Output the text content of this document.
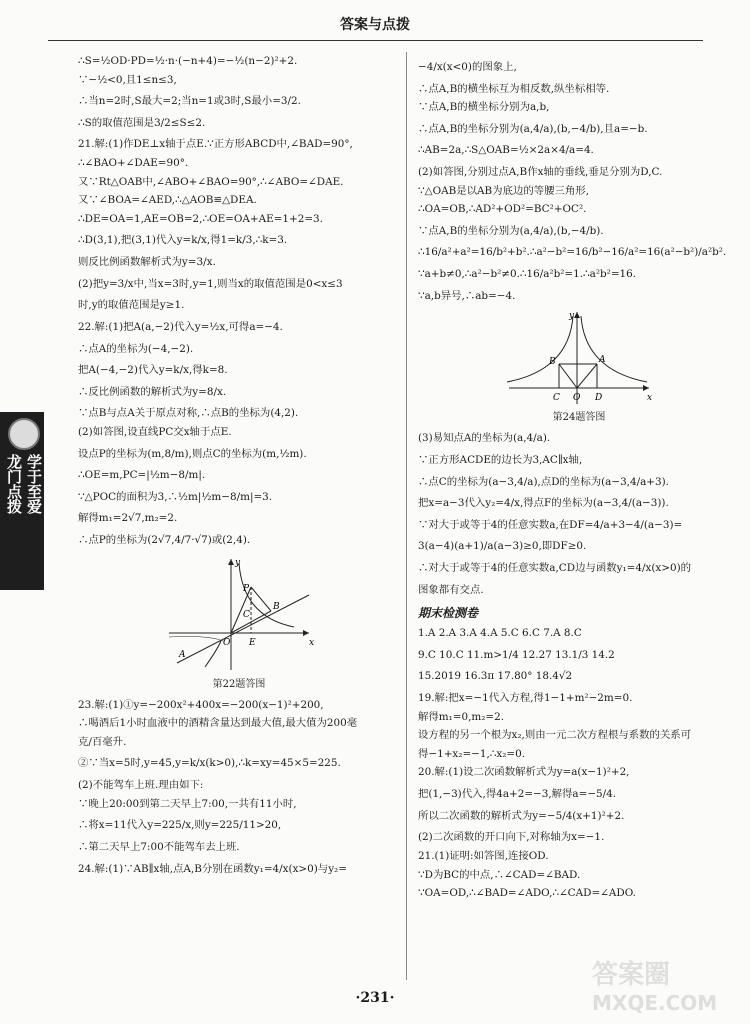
答案与点拨
龙门点拨 学于至爱
∴S=½OD·PD=½·n·(−n+4)=−½(n−2)²+2.
∵−½<0,且1≤n≤3,
∴当n=2时,S最大=2;当n=1或3时,S最小=3/2.
∴S的取值范围是3/2≤S≤2.
21.解:(1)作DE⊥x轴于点E.∵正方形ABCD中,∠BAD=90°,
∴∠BAO+∠DAE=90°.
又∵Rt△OAB中,∠ABO+∠BAO=90°,∴∠ABO=∠DAE.
又∵∠BOA=∠AED,∴△AOB≌△DEA.
∴DE=OA=1,AE=OB=2,∴OE=OA+AE=1+2=3.
∴D(3,1),把(3,1)代入y=k/x,得1=k/3,∴k=3.
则反比例函数解析式为y=3/x.
(2)把y=3/x中,当x=3时,y=1,则当x的取值范围是0<x≤3
时,y的取值范围是y≥1.
22.解:(1)把A(a,−2)代入y=½x,可得a=−4.
∴点A的坐标为(−4,−2).
把A(−4,−2)代入y=k/x,得k=8.
∴反比例函数的解析式为y=8/x.
∵点B与点A关于原点对称,∴点B的坐标为(4,2).
(2)如答图,设直线PC交x轴于点E.
设点P的坐标为(m,8/m),则点C的坐标为(m,½m).
∴OE=m,PC=|½m−8/m|.
∵△POC的面积为3,∴½m|½m−8/m|=3.
解得m₁=2√7,m₂=2.
∴点P的坐标为(2√7,4/7·√7)或(2,4).
y
P
B
C
O E	x
A
第22题答图
23.解:(1)①y=−200x²+400x=−200(x−1)²+200,
∴喝酒后1小时血液中的酒精含量达到最大值,最大值为200毫
克/百毫升.
②∵当x=5时,y=45,y=k/x(k>0),∴k=xy=45×5=225.
(2)不能驾车上班.理由如下:
∵晚上20:00到第二天早上7:00,一共有11小时,
∴将x=11代入y=225/x,则y=225/11>20,
∴第二天早上7:00不能驾车去上班.
24.解:(1)∵AB∥x轴,点A,B分别在函数y₁=4/x(x>0)与y₂=
−4/x(x<0)的图象上,
∴点A,B的横坐标互为相反数,纵坐标相等.
∵点A,B的横坐标分别为a,b,
∴点A,B的坐标分别为(a,4/a),(b,−4/b),且a=−b.
∴AB=2a,∴S△OAB=½×2a×4/a=4.
(2)如答图,分别过点A,B作x轴的垂线,垂足分别为D,C.
∵△OAB是以AB为底边的等腰三角形,
∴OA=OB,∴AD²+OD²=BC²+OC².
∵点A,B的坐标分别为(a,4/a),(b,−4/b).
∴16/a²+a²=16/b²+b².∴a²−b²=16/b²−16/a²=16(a²−b²)/a²b².
∵a+b≠0,∴a²−b²≠0.∴16/a²b²=1.∴a²b²=16.
∵a,b异号,∴ab=−4.
y
B	A
C O D	x
第24题答图
(3)易知点A的坐标为(a,4/a).
∵正方形ACDE的边长为3,AC∥x轴,
∴点C的坐标为(a−3,4/a),点D的坐标为(a−3,4/a+3).
把x=a−3代入y₂=4/x,得点F的坐标为(a−3,4/(a−3)).
∵对大于或等于4的任意实数a,在DF=4/a+3−4/(a−3)=
3(a−4)(a+1)/a(a−3)≥0,即DF≥0.
∴对大于或等于4的任意实数a,CD边与函数y₁=4/x(x>0)的
图象都有交点.
期末检测卷
1.A 2.A 3.A 4.A 5.C 6.C 7.A 8.C
9.C 10.C 11.m>1/4 12.27 13.1/3 14.2
15.2019 16.3π 17.80° 18.4√2
19.解:把x=−1代入方程,得1−1+m²−2m=0.
解得m₁=0,m₂=2.
设方程的另一个根为x₂,则由一元二次方程根与系数的关系可
得−1+x₂=−1,∴x₂=0.
20.解:(1)设二次函数解析式为y=a(x−1)²+2,
把(1,−3)代入,得4a+2=−3,解得a=−5/4.
所以二次函数的解析式为y=−5/4(x+1)²+2.
(2)二次函数的开口向下,对称轴为x=−1.
21.(1)证明:如答图,连接OD.
∵D为BC的中点,∴∠CAD=∠BAD.
∵OA=OD,∴∠BAD=∠ADO,∴∠CAD=∠ADO.
·231·
答案圈
MXQE.COM
